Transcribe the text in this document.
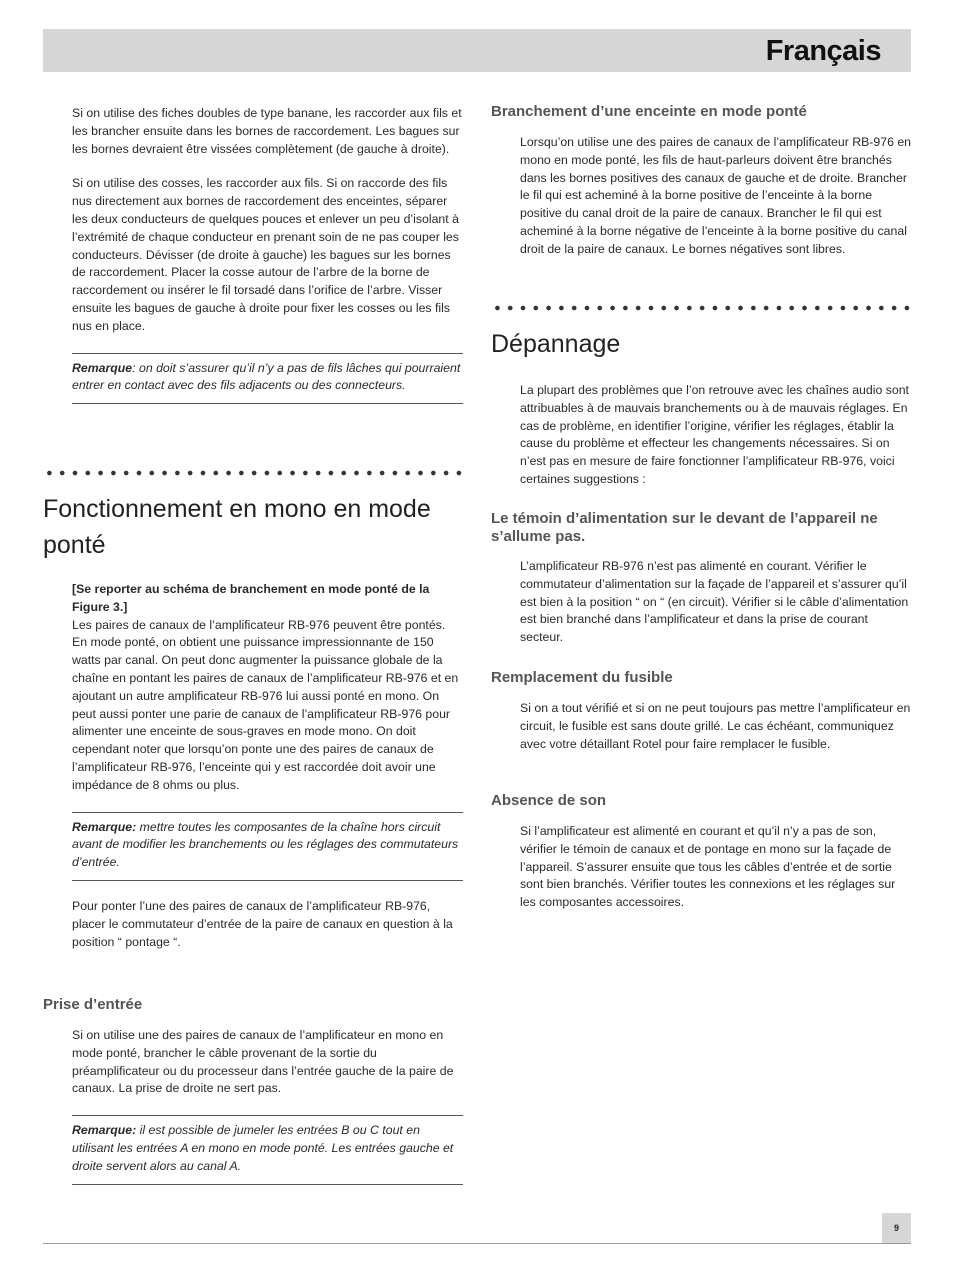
Français

Si on utilise des fiches doubles de type banane, les raccorder aux fils et les brancher ensuite dans les bornes de raccordement. Les bagues sur les bornes devraient être vissées complètement (de gauche à droite).

Si on utilise des cosses, les raccorder aux fils. Si on raccorde des fils nus directement aux bornes de raccordement des enceintes, séparer les deux conducteurs de quelques pouces et enlever un peu d’isolant à l’extrémité de chaque conducteur en prenant soin de ne pas couper les conducteurs. Dévisser (de droite à gauche) les bagues sur les bornes de raccordement. Placer la cosse autour de l’arbre de la borne de raccordement ou insérer le fil torsadé dans l’orifice de l’arbre. Visser ensuite les bagues de gauche à droite pour fixer les cosses ou les fils nus en place.

Remarque: on doit s’assurer qu’il n’y a pas de fils lâches qui pourraient entrer en contact avec des fils adjacents ou des connecteurs.
Fonctionnement en mono en mode ponté

[Se reporter au schéma de branchement en mode ponté de la Figure 3.]

Les paires de canaux de l’amplificateur RB-976 peuvent être pontés. En mode ponté, on obtient une puissance impressionnante de 150 watts par canal. On peut donc augmenter la puissance globale de la chaîne en pontant les paires de canaux de l’amplificateur RB-976 et en ajoutant un autre amplificateur RB-976 lui aussi ponté en mono. On peut aussi ponter une parie de canaux de l’amplificateur RB-976 pour alimenter une enceinte de sous-graves en mode mono. On doit cependant noter que lorsqu’on ponte une des paires de canaux de l’amplificateur RB-976, l’enceinte qui y est raccordée doit avoir une impédance de 8 ohms ou plus.

Remarque: mettre toutes les composantes de la chaîne hors circuit avant de modifier les branchements ou les réglages des commutateurs d’entrée.

Pour ponter l’une des paires de canaux de l’amplificateur RB-976, placer le commutateur d’entrée de la paire de canaux en question à la position “ pontage “.

Prise d’entrée

Si on utilise une des paires de canaux de l’amplificateur en mono en mode ponté, brancher le câble provenant de la sortie du préamplificateur ou du processeur dans l’entrée gauche de la paire de canaux. La prise de droite ne sert pas.

Remarque: il est possible de jumeler les entrées B ou C tout en utilisant les entrées A en mono en mode ponté. Les entrées gauche et droite servent alors au canal A.
Branchement d’une enceinte en mode ponté

Lorsqu’on utilise une des paires de canaux de l’amplificateur RB-976 en mono en mode ponté, les fils de haut-parleurs doivent être branchés dans les bornes positives des canaux de gauche et de droite. Brancher le fil qui est acheminé à la borne positive de l’enceinte à la borne positive du canal droit de la paire de canaux. Brancher le fil qui est acheminé à la borne négative de l’enceinte à la borne positive du canal droit de la paire de canaux. Le bornes négatives sont libres.

Dépannage

La plupart des problèmes que l’on retrouve avec les chaînes audio sont attribuables à de mauvais branchements ou à de mauvais réglages. En cas de problème, en identifier l’origine, vérifier les réglages, établir la cause du problème et effecteur les changements nécessaires. Si on n’est pas en mesure de faire fonctionner l’amplificateur RB-976, voici certaines suggestions :

Le témoin d’alimentation sur le devant de l’appareil ne s’allume pas.

L’amplificateur RB-976 n’est pas alimenté en courant. Vérifier le commutateur d’alimentation sur la façade de l’appareil et s’assurer qu’il est bien à la position “ on “ (en circuit). Vérifier si le câble d’alimentation est bien branché dans l’amplificateur et dans la prise de courant secteur.

Remplacement du fusible

Si on a tout vérifié et si on ne peut toujours pas mettre l’amplificateur en circuit, le fusible est sans doute grillé. Le cas échéant, communiquez avec votre détaillant Rotel pour faire remplacer le fusible.

Absence de son

Si l’amplificateur est alimenté en courant et qu’il n’y a pas de son, vérifier le témoin de canaux et de pontage en mono sur la façade de l’appareil. S’assurer ensuite que tous les câbles d’entrée et de sortie sont bien branchés. Vérifier toutes les connexions et les réglages sur les composantes accessoires.

9
